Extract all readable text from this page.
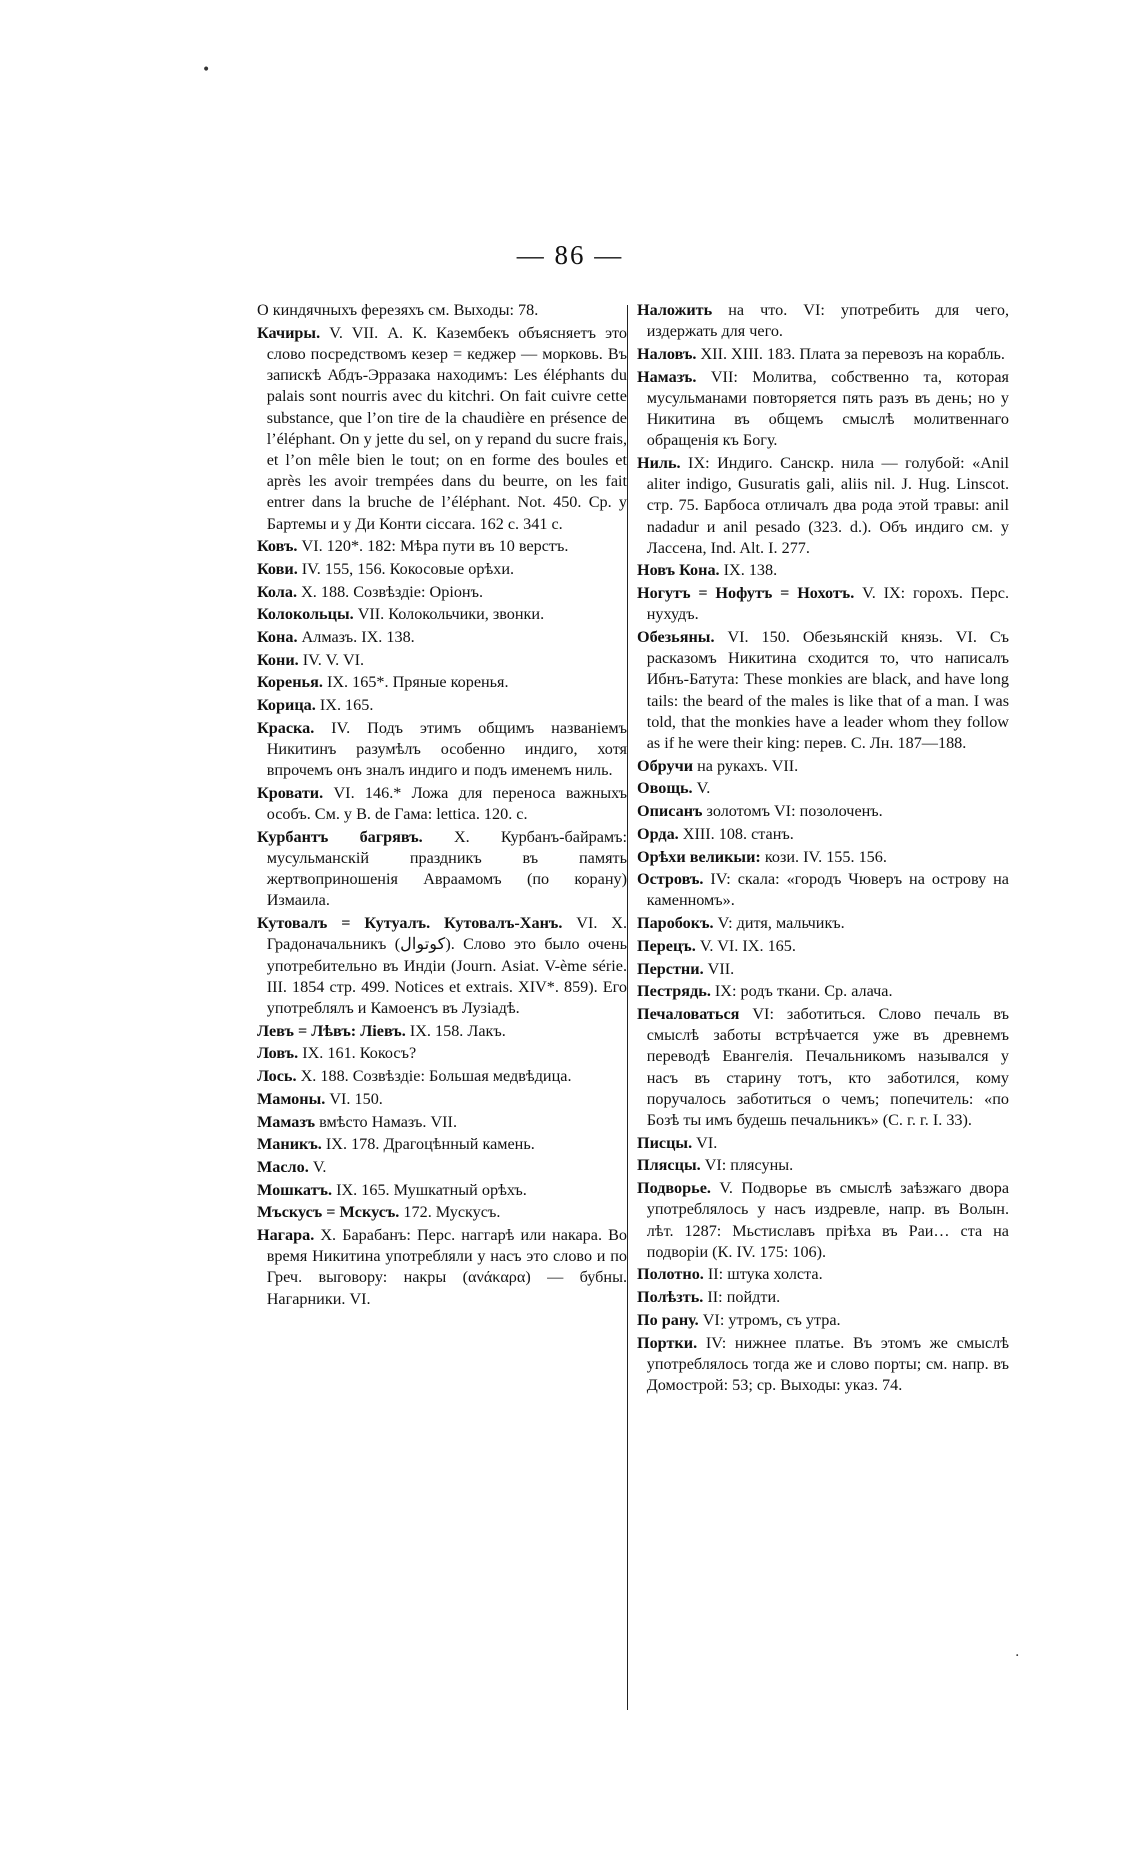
— 86 —
•
·

О киндячныхъ ферезяхъ см. Выходы: 78.

Качиры. V. VII. А. К. Казембекъ объясняетъ это слово посредствомъ кезер = кеджер — морковь. Въ запискѣ Абдъ-Эрразака находимъ: Les éléphants du palais sont nourris avec du kitchri. On fait cuivre cette substance, que l’on tire de la chaudière en présence de l’éléphant. On y jette du sel, on y repand du sucre frais, et l’on mêle bien le tout; on en forme des boules et après les avoir trempées dans du beurre, on les fait entrer dans la bruche de l’éléphant. Not. 450. Ср. у Бартемы и у Ди Конти ciccara. 162 с. 341 с.

Ковъ. VI. 120*. 182: Мѣра пути въ 10 верстъ.

Кови. IV. 155, 156. Кокосовые орѣхи.

Кола. X. 188. Созвѣздіе: Оріонъ.

Колокольцы. VII. Колокольчики, звонки.

Кона. Алмазъ. IX. 138.

Кони. IV. V. VI.

Коренья. IX. 165*. Пряные коренья.

Корица. IX. 165.

Краска. IV. Подъ этимъ общимъ названіемъ Никитинъ разумѣлъ особенно индиго, хотя впрочемъ онъ зналъ индиго и подъ именемъ ниль.

Кровати. VI. 146.* Ложа для переноса важныхъ особъ. См. у В. de Гама: lettica. 120. с.

Курбантъ багрявъ. X. Курбанъ-байрамъ: мусульманскій праздникъ въ память жертвоприношенія Авраамомъ (по корану) Измаила.

Кутовалъ = Кутуалъ. Кутовалъ-Ханъ. VI. X. Градоначальникъ (كوتوال). Слово это было очень употребительно въ Индіи (Journ. Asiat. V-ème série. III. 1854 стр. 499. Notices et extrais. XIV*. 859). Его употреблялъ и Камоенсъ въ Лузіадѣ.

Левъ = Лѣвъ: Ліевъ. IX. 158. Лакъ.

Ловъ. IX. 161. Кокосъ?

Лось. X. 188. Созвѣздіе: Большая медвѣдица.

Мамоны. VI. 150.

Мамазъ вмѣсто Намазъ. VII.

Маникъ. IX. 178. Драгоцѣнный камень.

Масло. V.

Мошкатъ. IX. 165. Мушкатный орѣхъ.

Мъскусъ = Мскусъ. 172. Мускусъ.

Нагара. X. Барабанъ: Перс. наггарѣ или накара. Во время Никитина употребляли у насъ это слово и по Греч. выговору: накры (ανάκαρα) — бубны. Нагарники. VI.

Наложить на что. VI: употребить для чего, издержать для чего.

Наловъ. XII. XIII. 183. Плата за перевозъ на корабль.

Намазъ. VII: Молитва, собственно та, которая мусульманами повторяется пять разъ въ день; но у Никитина въ общемъ смыслѣ молитвеннаго обращенія къ Богу.

Ниль. IX: Индиго. Санскр. нила — голубой: «Anil aliter indigo, Gusuratis gali, aliis nil. J. Hug. Linscot. стр. 75. Барбоса отличалъ два рода этой травы: anil nadadur и anil pesado (323. d.). Объ индиго см. у Лассена, Ind. Alt. I. 277.

Новъ Кона. IX. 138.

Ногутъ = Нофутъ = Нохотъ. V. IX: горохъ. Перс. нухудъ.

Обезьяны. VI. 150. Обезьянскій князь. VI. Съ расказомъ Никитина сходится то, что написалъ Ибнъ-Батута: These monkies are black, and have long tails: the beard of the males is like that of a man. I was told, that the monkies have a leader whom they follow as if he were their king: перев. С. Лн. 187—188.

Обручи на рукахъ. VII.

Овощь. V.

Описанъ золотомъ VI: позолоченъ.

Орда. XIII. 108. станъ.

Орѣхи великыи: кози. IV. 155. 156.

Островъ. IV: скала: «городъ Чюверъ на острову на каменномъ».

Паробокъ. V: дитя, мальчикъ.

Перецъ. V. VI. IX. 165.

Перстни. VII.

Пестрядь. IX: родъ ткани. Ср. алача.

Печаловаться VI: заботиться. Слово печаль въ смыслѣ заботы встрѣчается уже въ древнемъ переводѣ Евангелія. Печальникомъ назывался у насъ въ старину тотъ, кто заботился, кому поручалось заботиться о чемъ; попечитель: «по Бозѣ ты имъ будешь печальникъ» (С. г. г. I. 33).

Писцы. VI.

Плясцы. VI: плясуны.

Подворье. V. Подворье въ смыслѣ заѣзжаго двора употреблялось у насъ издревле, напр. въ Волын. лѣт. 1287: Мьстиславъ пріѣха въ Раи… ста на подворіи (К. IV. 175: 106).

Полотно. II: штука холста.

Полѣзть. II: пойдти.

По рану. VI: утромъ, съ утра.

Портки. IV: нижнее платье. Въ этомъ же смыслѣ употреблялось тогда же и слово порты; см. напр. въ Домострой: 53; ср. Выходы: указ. 74.
